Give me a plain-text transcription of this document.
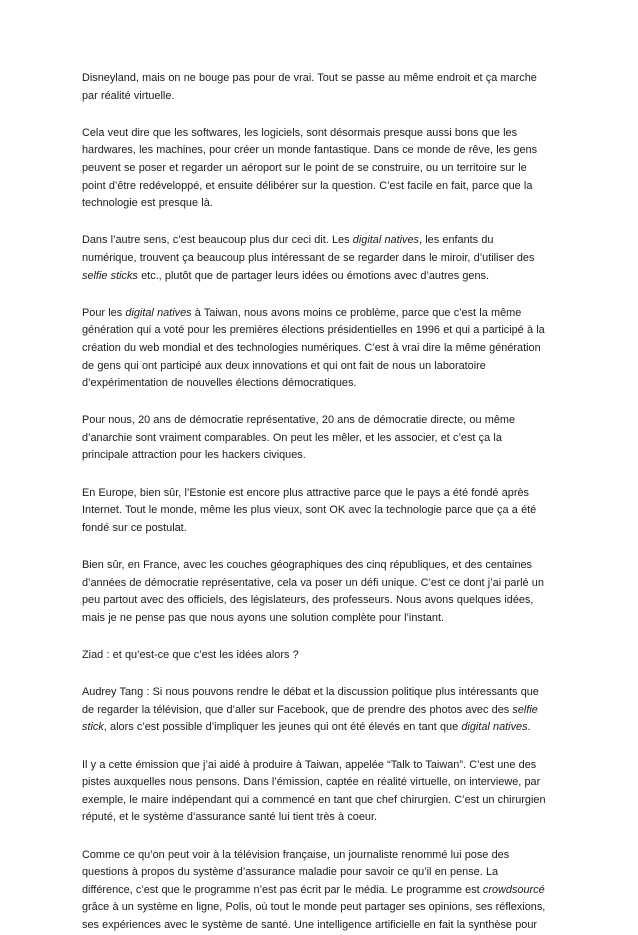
Disneyland, mais on ne bouge pas pour de vrai. Tout se passe au même endroit et ça marche
par réalité virtuelle.

Cela veut dire que les softwares, les logiciels, sont désormais presque aussi bons que les
hardwares, les machines, pour créer un monde fantastique. Dans ce monde de rêve, les gens
peuvent se poser et regarder un aéroport sur le point de se construire, ou un territoire sur le
point d’être redéveloppé, et ensuite délibérer sur la question. C’est facile en fait, parce que la
technologie est presque là.

Dans l’autre sens, c’est beaucoup plus dur ceci dit. Les digital natives, les enfants du
numérique, trouvent ça beaucoup plus intéressant de se regarder dans le miroir, d’utiliser des
selfie sticks etc., plutôt que de partager leurs idées ou émotions avec d’autres gens.

Pour les digital natives à Taiwan, nous avons moins ce problème, parce que c’est la même
génération qui a voté pour les premières élections présidentielles en 1996 et qui a participé à la
création du web mondial et des technologies numériques. C’est à vrai dire la même génération
de gens qui ont participé aux deux innovations et qui ont fait de nous un laboratoire
d’expérimentation de nouvelles élections démocratiques.

Pour nous, 20 ans de démocratie représentative, 20 ans de démocratie directe, ou même
d’anarchie sont vraiment comparables. On peut les mêler, et les associer, et c’est ça la
principale attraction pour les hackers civiques.

En Europe, bien sûr, l’Estonie est encore plus attractive parce que le pays a été fondé après
Internet. Tout le monde, même les plus vieux, sont OK avec la technologie parce que ça a été
fondé sur ce postulat.

Bien sûr, en France, avec les couches géographiques des cinq républiques, et des centaines
d’années de démocratie représentative, cela va poser un défi unique. C’est ce dont j’ai parlé un
peu partout avec des officiels, des législateurs, des professeurs. Nous avons quelques idées,
mais je ne pense pas que nous ayons une solution complète pour l’instant.

Ziad : et qu’est-ce que c’est les idées alors ?

Audrey Tang : Si nous pouvons rendre le débat et la discussion politique plus intéressants que
de regarder la télévision, que d’aller sur Facebook, que de prendre des photos avec des selfie
stick, alors c’est possible d’impliquer les jeunes qui ont été élevés en tant que digital natives.

Il y a cette émission que j’ai aidé à produire à Taiwan, appelée “Talk to Taiwan”. C’est une des
pistes auxquelles nous pensons. Dans l’émission, captée en réalité virtuelle, on interviewe, par
exemple, le maire indépendant qui a commencé en tant que chef chirurgien. C’est un chirurgien
réputé, et le système d’assurance santé lui tient très à coeur.

Comme ce qu’on peut voir à la télévision française, un journaliste renommé lui pose des
questions à propos du système d’assurance maladie pour savoir ce qu’il en pense. La
différence, c’est que le programme n’est pas écrit par le média. Le programme est crowdsourcé
grâce à un système en ligne, Polis, où tout le monde peut partager ses opinions, ses réflexions,
ses expériences avec le système de santé. Une intelligence artificielle en fait la synthèse pour
